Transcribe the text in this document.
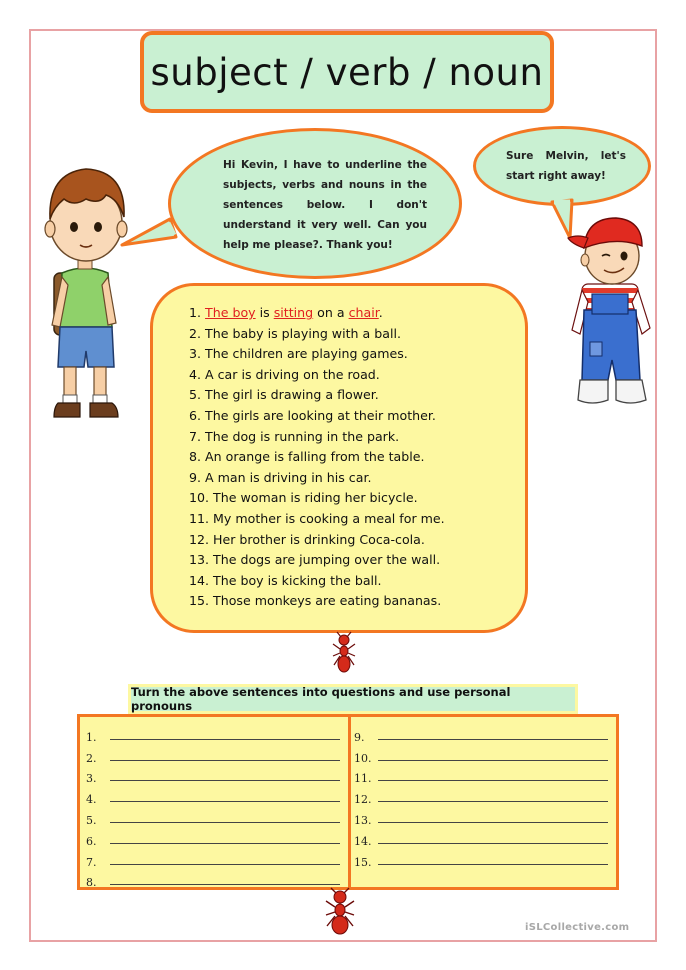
subject / verb / noun
Hi Kevin, I have to underline the subjects, verbs and nouns in the sentences below. I don't understand it very well. Can you help me please?. Thank you!
Sure Melvin, let's start right away!
1. The boy is sitting on a chair.
2. The baby is playing with a ball.
3. The children are playing games.
4. A car is driving on the road.
5. The girl is drawing a flower.
6. The girls are looking at their mother.
7. The dog is running in the park.
8. An orange is falling from the table.
9. A man is driving in his car.
10. The woman is riding her bicycle.
11. My mother is cooking a meal for me.
12. Her brother is drinking Coca-cola.
13. The dogs are jumping over the wall.
14. The boy is kicking the ball.
15. Those monkeys are eating bananas.
Turn the above sentences into questions and use personal pronouns
1.
2.
3.
4.
5.
6.
7.
8.
9.
10.
11.
12.
13.
14.
15.
iSLCollective.com
